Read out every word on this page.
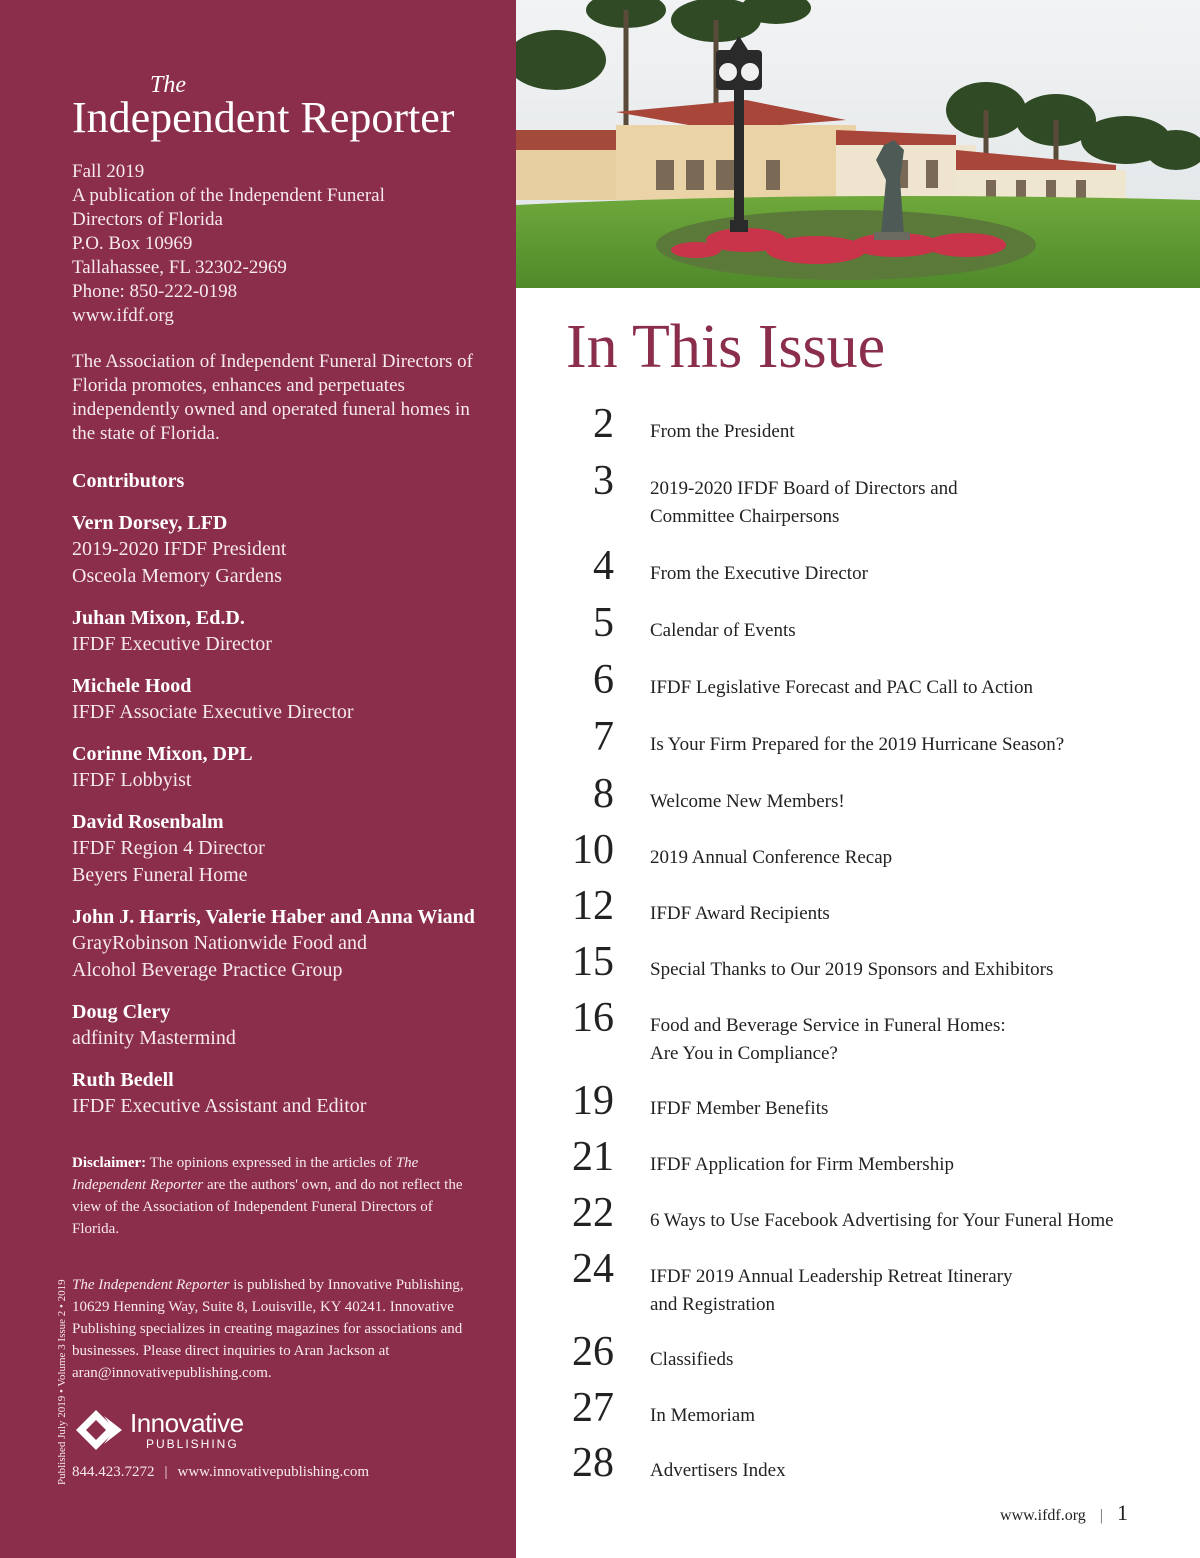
The
Independent Reporter
Fall 2019
A publication of the Independent Funeral
Directors of Florida
P.O. Box 10969
Tallahassee, FL 32302-2969
Phone: 850-222-0198
www.ifdf.org
The Association of Independent Funeral Directors of Florida promotes, enhances and perpetuates independently owned and operated funeral homes in the state of Florida.
Contributors
Vern Dorsey, LFD
2019-2020 IFDF President
Osceola Memory Gardens
Juhan Mixon, Ed.D.
IFDF Executive Director
Michele Hood
IFDF Associate Executive Director
Corinne Mixon, DPL
IFDF Lobbyist
David Rosenbalm
IFDF Region 4 Director
Beyers Funeral Home
John J. Harris, Valerie Haber and Anna Wiand
GrayRobinson Nationwide Food and
Alcohol Beverage Practice Group
Doug Clery
adfinity Mastermind
Ruth Bedell
IFDF Executive Assistant and Editor
Disclaimer: The opinions expressed in the articles of The Independent Reporter are the authors' own, and do not reflect the view of the Association of Independent Funeral Directors of Florida.
The Independent Reporter is published by Innovative Publishing, 10629 Henning Way, Suite 8, Louisville, KY 40241. Innovative Publishing specializes in creating magazines for associations and businesses. Please direct inquiries to Aran Jackson at aran@innovativepublishing.com.
Published July 2019 • Volume 3 Issue 2 • 2019 Innovative
PUBLISHING
844.423.7272 | www.innovativepublishing.com
In This Issue
2 From the President
3 2019-2020 IFDF Board of Directors and
Committee Chairpersons
4 From the Executive Director
5 Calendar of Events
6 IFDF Legislative Forecast and PAC Call to Action
7 Is Your Firm Prepared for the 2019 Hurricane Season?
8 Welcome New Members!
10 2019 Annual Conference Recap
12 IFDF Award Recipients
15 Special Thanks to Our 2019 Sponsors and Exhibitors
16 Food and Beverage Service in Funeral Homes:
Are You in Compliance?
19 IFDF Member Benefits
21 IFDF Application for Firm Membership
22 6 Ways to Use Facebook Advertising for Your Funeral Home
24 IFDF 2019 Annual Leadership Retreat Itinerary
and Registration
26 Classifieds
27 In Memoriam
28 Advertisers Index
www.ifdf.org | 1
